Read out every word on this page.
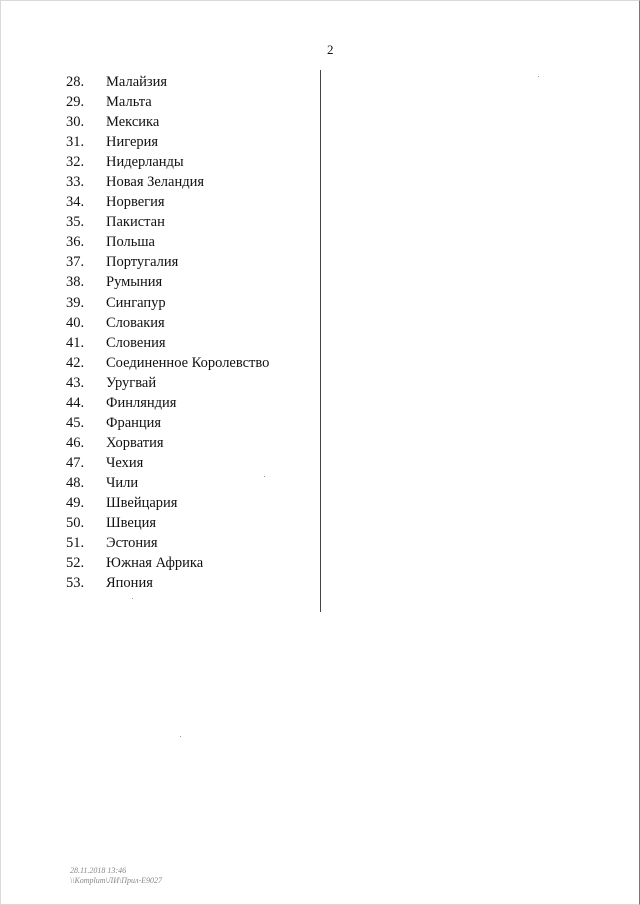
2
28. Малайзия
29. Мальта
30. Мексика
31. Нигерия
32. Нидерланды
33. Новая Зеландия
34. Норвегия
35. Пакистан
36. Польша
37. Португалия
38. Румыния
39. Сингапур
40. Словакия
41. Словения
42. Соединенное Королевство
43. Уругвай
44. Финляндия
45. Франция
46. Хорватия
47. Чехия
48. Чили
49. Швейцария
50. Швеция
51. Эстония
52. Южная Африка
53. Япония
28.11.2018 13:46
\\Komplum\ЛИ\Прил-Е9027
